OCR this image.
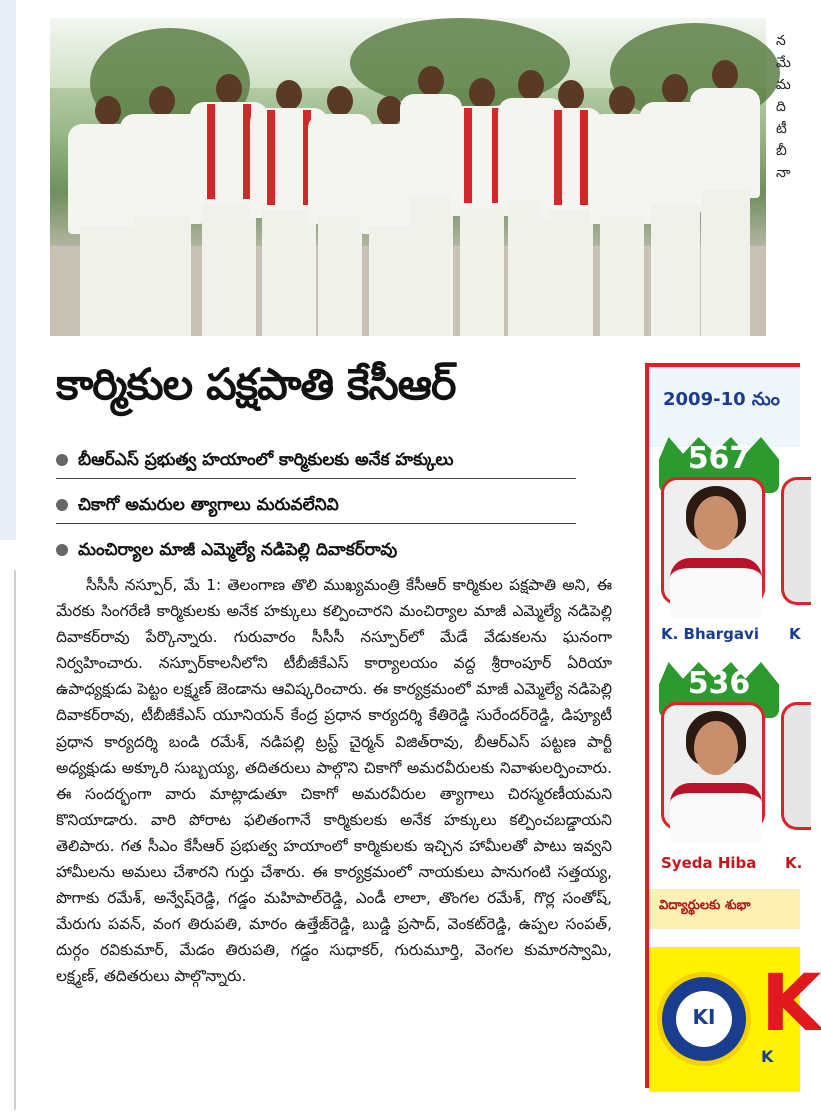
న
మే
మ
ది
టీ
బీ
నా
కార్మికుల పక్షపాతి కేసీఆర్
బీఆర్ఎస్ ప్రభుత్వ హయాంలో కార్మికులకు అనేక హక్కులు
చికాగో అమరుల త్యాగాలు మరువలేనివి
మంచిర్యాల మాజీ ఎమ్మెల్యే నడిపెల్లి దివాకర్‌రావు

సీసీసీ నస్పూర్, మే 1: తెలంగాణ తొలి ముఖ్యమంత్రి కేసీఆర్ కార్మికుల పక్షపాతి అని, ఈ మేరకు సింగరేణి కార్మికులకు అనేక హక్కులు కల్పించారని మంచిర్యాల మాజీ ఎమ్మెల్యే నడిపెల్లి దివాకర్‌రావు పేర్కొన్నారు. గురువారం సీసీసీ నస్పూర్‌లో మేడే వేడుకలను ఘనంగా నిర్వహించారు. నస్పూర్‌కాలనీలోని టీబీజీకేఎస్ కార్యాలయం వద్ద శ్రీరాంపూర్ ఏరియా ఉపాధ్యక్షుడు పెట్టం లక్ష్మణ్ జెండాను ఆవిష్కరించారు. ఈ కార్యక్రమంలో మాజీ ఎమ్మెల్యే నడిపెల్లి దివాకర్‌రావు, టీబీజీకేఎస్ యూనియన్ కేంద్ర ప్రధాన కార్యదర్శి కేతిరెడ్డి సురేందర్‌రెడ్డి, డిప్యూటీ ప్రధాన కార్యదర్శి బండి రమేశ్, నడిపల్లి ట్రస్ట్ చైర్మన్ విజిత్‌రావు, బీఆర్ఎస్ పట్టణ పార్టీ అధ్యక్షుడు అక్కూరి సుబ్బయ్య, తదితరులు పాల్గొని చికాగో అమరవీరులకు నివాళులర్పించారు. ఈ సందర్భంగా వారు మాట్లాడుతూ చికాగో అమరవీరుల త్యాగాలు చిరస్మరణీయమని కొనియాడారు. వారి పోరాట ఫలితంగానే కార్మికులకు అనేక హక్కులు కల్పించబడ్డాయని తెలిపారు. గత సీఎం కేసీఆర్ ప్రభుత్వ హయాంలో కార్మికులకు ఇచ్చిన హామీలతో పాటు ఇవ్వని హామీలను అమలు చేశారని గుర్తు చేశారు. ఈ కార్యక్రమంలో నాయకులు పానుగంటి సత్తయ్య, పొగాకు రమేశ్, అన్వేష్‌రెడ్డి, గడ్డం మహిపాల్‌రెడ్డి, ఎండీ లాలా, తొంగల రమేశ్, గొర్ల సంతోష్, మేరుగు పవన్, వంగ తిరుపతి, మారం ఉత్తేజ్‌రెడ్డి, బుడ్డి ప్రసాద్, వెంకట్‌రెడ్డి, ఉప్పల సంపత్, దుర్గం రవికుమార్, మేడం తిరుపతి, గడ్డం సుధాకర్, గురుమూర్తి, వెంగల కుమారస్వామి, లక్ష్మణ్, తదితరులు పాల్గొన్నారు.

2009-10 నుం
567
K. Bhargavi K
536
Syeda Hiba K.
విద్యార్థులకు శుభా
KI K
K
